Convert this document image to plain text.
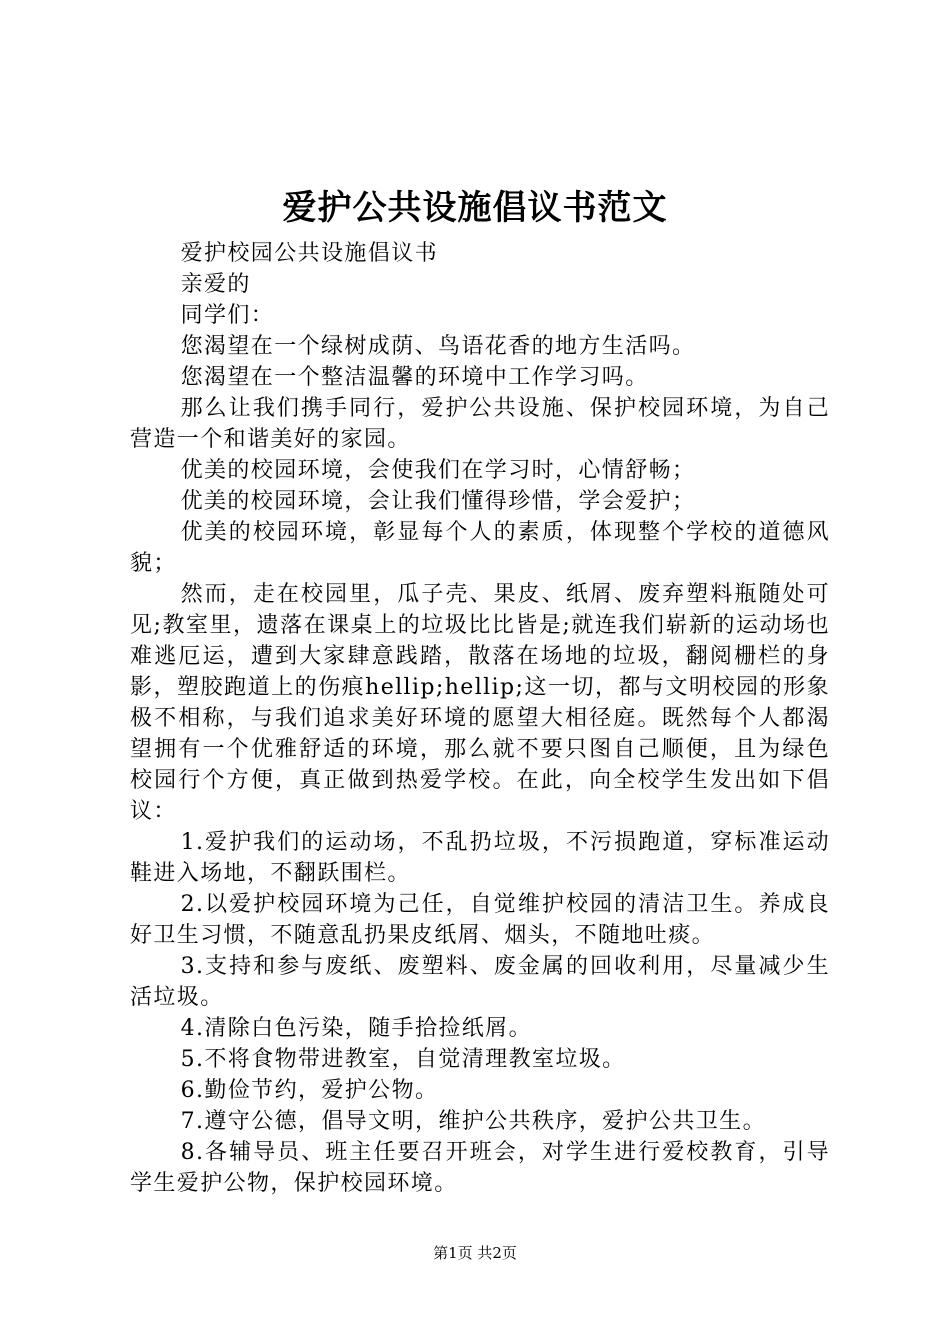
爱护公共设施倡议书范文

爱护校园公共设施倡议书

亲爱的

同学们：

您渴望在一个绿树成荫、鸟语花香的地方生活吗。

您渴望在一个整洁温馨的环境中工作学习吗。

那么让我们携手同行，爱护公共设施、保护校园环境，为自己营造一个和谐美好的家园。

优美的校园环境，会使我们在学习时，心情舒畅；

优美的校园环境，会让我们懂得珍惜，学会爱护；

优美的校园环境，彰显每个人的素质，体现整个学校的道德风貌；

然而，走在校园里，瓜子壳、果皮、纸屑、废弃塑料瓶随处可见;教室里，遗落在课桌上的垃圾比比皆是;就连我们崭新的运动场也难逃厄运，遭到大家肆意践踏，散落在场地的垃圾，翻阅栅栏的身影，塑胶跑道上的伤痕hellip;hellip;这一切，都与文明校园的形象极不相称，与我们追求美好环境的愿望大相径庭。既然每个人都渴望拥有一个优雅舒适的环境，那么就不要只图自己顺便，且为绿色校园行个方便，真正做到热爱学校。在此，向全校学生发出如下倡议：

1.爱护我们的运动场，不乱扔垃圾，不污损跑道，穿标准运动鞋进入场地，不翻跃围栏。

2.以爱护校园环境为己任，自觉维护校园的清洁卫生。养成良好卫生习惯，不随意乱扔果皮纸屑、烟头，不随地吐痰。

3.支持和参与废纸、废塑料、废金属的回收利用，尽量减少生活垃圾。

4.清除白色污染，随手拾捡纸屑。

5.不将食物带进教室，自觉清理教室垃圾。

6.勤俭节约，爱护公物。

7.遵守公德，倡导文明，维护公共秩序，爱护公共卫生。

8.各辅导员、班主任要召开班会，对学生进行爱校教育，引导学生爱护公物，保护校园环境。

第1页 共2页
